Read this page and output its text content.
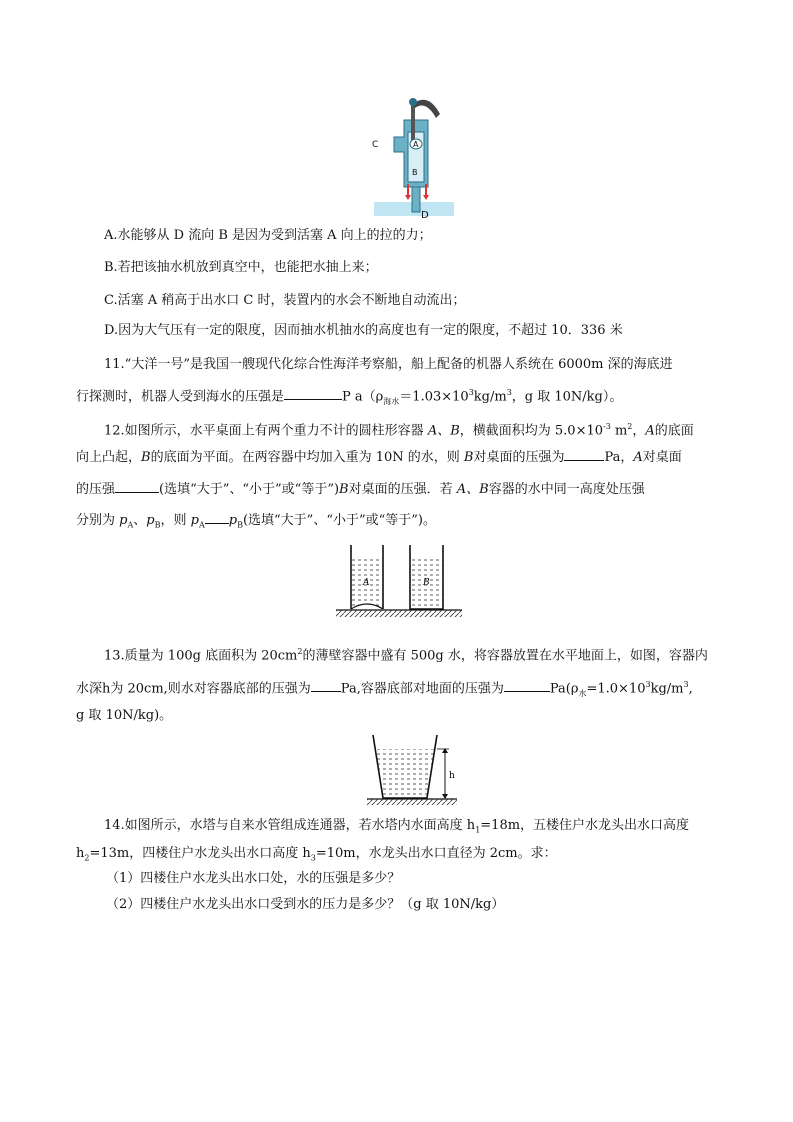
A
B
C
D
A.水能够从 D 流向 B 是因为受到活塞 A 向上的拉的力；
B.若把该抽水机放到真空中，也能把水抽上来；
C.活塞 A 稍高于出水口 C 时，装置内的水会不断地自动流出；
D.因为大气压有一定的限度，因而抽水机抽水的高度也有一定的限度，不超过 10．336 米
11.“大洋一号”是我国一艘现代化综合性海洋考察船，船上配备的机器人系统在 6000m 深的海底进
行探测时，机器人受到海水的压强是	P $a(\rho_{海水}=1.03\times 10^3kg/m^3$，g 取 10N/kg）。
12.如图所示，水平桌面上有两个重力不计的圆柱形容器 A、B，横截面积均为 $5.0\times 10^{-3}$ $m^2$，A的底面
向上凸起，B的底面为平面。在两容器中均加入重为 10N 的水，则 B对桌面的压强为	Pa，A对桌面
的压强	(选填“大于”、“小于”或“等于”)B对桌面的压强．若 A、B容器的水中同一高度处压强
分别为 $p_A$、$p_B$，则 $p_A$ $p_B$(选填“大于”、“小于”或“等于”)。
A	B
13.质量为 100g 底面积为 $20cm^2$的薄壁容器中盛有 500g 水，将容器放置在水平地面上，如图，容器内
水深h为 20cm,则水对容器底部的压强为 Pa,容器底部对地面的压强为	$Pa(\rho_水=1.0\times 10^3kg/m^3$,
g 取 10N/kg)。
h
14.如图所示，水塔与自来水管组成连通器，若水塔内水面高度 $h_1=18m$，五楼住户水龙头出水口高度
$h_2=13m$，四楼住户水龙头出水口高度 $h_3=10m$，水龙头出水口直径为 2cm。求：
（1）四楼住户水龙头出水口处，水的压强是多少？
（2）四楼住户水龙头出水口受到水的压力是多少？（g 取 10N/kg）
